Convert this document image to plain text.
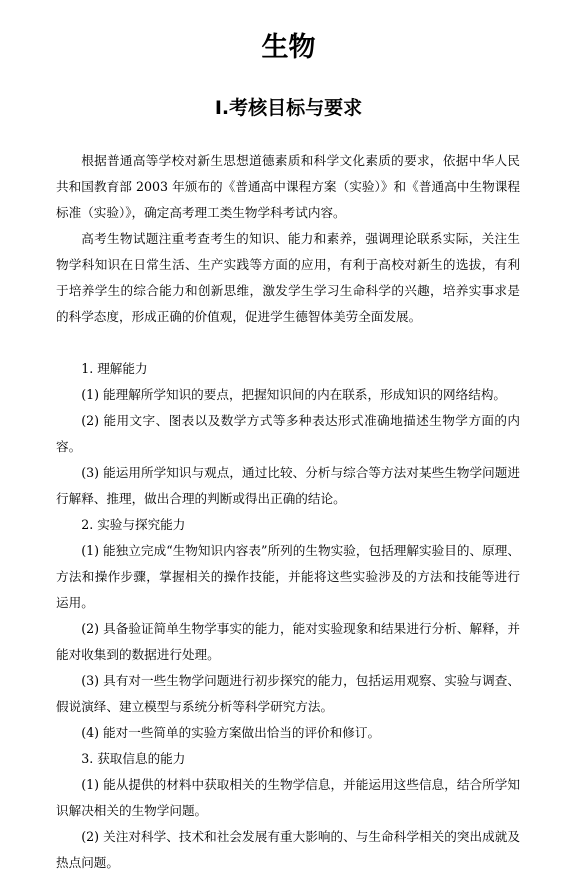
生物
Ⅰ.考核目标与要求

根据普通高等学校对新生思想道德素质和科学文化素质的要求，依据中华人民共和国教育部 2003 年颁布的《普通高中课程方案（实验）》和《普通高中生物课程标准（实验）》，确定高考理工类生物学科考试内容。

高考生物试题注重考查考生的知识、能力和素养，强调理论联系实际，关注生物学科知识在日常生活、生产实践等方面的应用，有利于高校对新生的选拔，有利于培养学生的综合能力和创新思维，激发学生学习生命科学的兴趣，培养实事求是的科学态度，形成正确的价值观，促进学生德智体美劳全面发展。

1. 理解能力

(1) 能理解所学知识的要点，把握知识间的内在联系，形成知识的网络结构。

(2) 能用文字、图表以及数学方式等多种表达形式准确地描述生物学方面的内容。

(3) 能运用所学知识与观点，通过比较、分析与综合等方法对某些生物学问题进行解释、推理，做出合理的判断或得出正确的结论。

2. 实验与探究能力

(1) 能独立完成“生物知识内容表”所列的生物实验，包括理解实验目的、原理、方法和操作步骤，掌握相关的操作技能，并能将这些实验涉及的方法和技能等进行运用。

(2) 具备验证简单生物学事实的能力，能对实验现象和结果进行分析、解释，并能对收集到的数据进行处理。

(3) 具有对一些生物学问题进行初步探究的能力，包括运用观察、实验与调查、假说演绎、建立模型与系统分析等科学研究方法。

(4) 能对一些简单的实验方案做出恰当的评价和修订。

3. 获取信息的能力

(1) 能从提供的材料中获取相关的生物学信息，并能运用这些信息，结合所学知识解决相关的生物学问题。

(2) 关注对科学、技术和社会发展有重大影响的、与生命科学相关的突出成就及热点问题。
